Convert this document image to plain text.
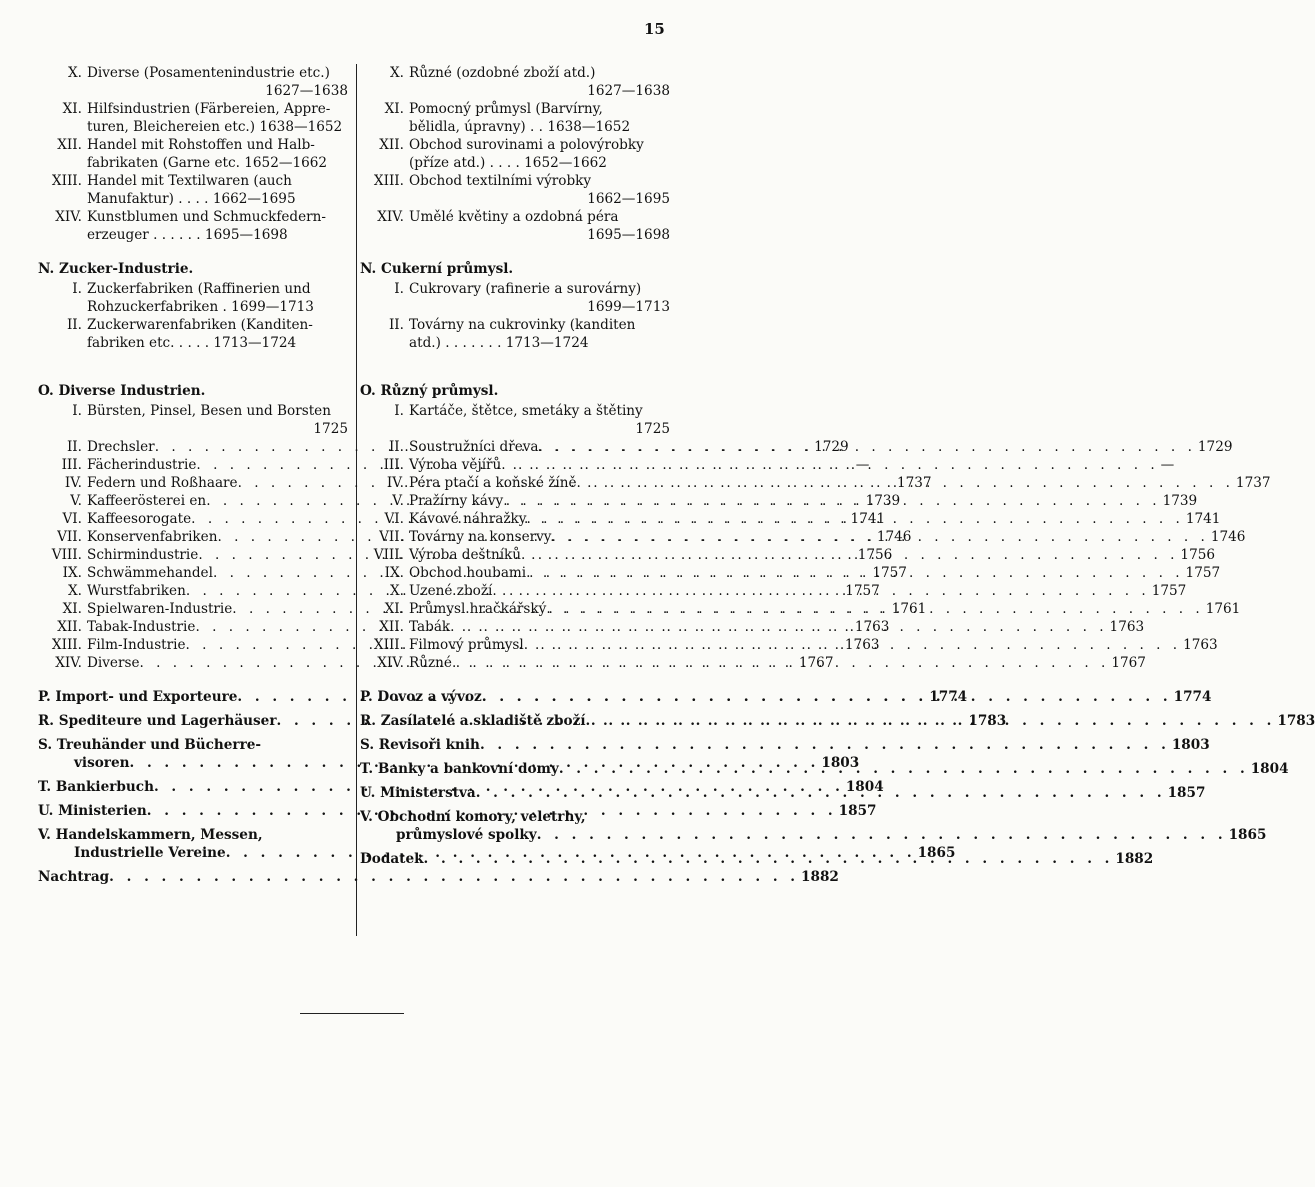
15
X. Diverse (Posamentenindustrie etc.)
1627—1638
XI. Hilfsindustrien (Färbereien, Appre-
turen, Bleichereien etc.) 1638—1652
XII. Handel mit Rohstoffen und Halb-
fabrikaten (Garne etc. 1652—1662
XIII. Handel mit Textilwaren (auch
Manufaktur) . . . . 1662—1695
XIV. Kunstblumen und Schmuckfedern-
erzeuger . . . . . . 1695—1698
N. Zucker-Industrie.
I. Zuckerfabriken (Raffinerien und
Rohzuckerfabriken . 1699—1713
II. Zuckerwarenfabriken (Kanditen-
fabriken etc. . . . . 1713—1724
O. Diverse Industrien.
I. Bürsten, Pinsel, Besen und Borsten
1725
II. Drechsler . . .	1729
III. Fächerindustrie . . .	—
IV. Federn und Roßhaare . . .	1737
V. Kaffeerösterei en . . .	1739
VI. Kaffeesorogate . . .	1741
VII. Konservenfabriken . . .	1746
VIII. Schirmindustrie . . .	1756
IX. Schwämmehandel . . .	1757
X. Wurstfabriken . . .	1757
XI. Spielwaren-Industrie . . .	1761
XII. Tabak-Industrie . . .	1763
XIII. Film-Industrie . . .	1763
XIV. Diverse . . .	1767
P. Import- und Exporteure . . .	1774
R. Spediteure und Lagerhäuser . . .	1783
S. Treuhänder und Bücherre-
visoren . . .	1803
T. Bankierbuch . . .	1804
U. Ministerien . . .	1857
V. Handelskammern, Messen,
Industrielle Vereine . . .	1865
Nachtrag . . .	1882
X. Různé (ozdobné zboží atd.)
1627—1638
XI. Pomocný průmysl (Barvírny,
bělidla, úpravny) . . 1638—1652
XII. Obchod surovinami a polovýrobky
(příze atd.) . . . . 1652—1662
XIII. Obchod textilními výrobky
1662—1695
XIV. Umělé květiny a ozdobná péra
1695—1698
N. Cukerní průmysl.
I. Cukrovary (rafinerie a surovárny)
1699—1713
II. Továrny na cukrovinky (kanditen
atd.) . . . . . . . 1713—1724
O. Různý průmysl.
I. Kartáče, štětce, smetáky a štětiny
1725
II. Soustružníci dřeva . . .	1729
III. Výroba vějířů . . .	—
IV. Péra ptačí a koňské žíně . . .	1737
V. Pražírny kávy . . .	1739
VI. Kávové náhražky . . .	1741
VII. Továrny na konservy . . .	1746
VIII. Výroba deštníků . . .	1756
IX. Obchod houbami . . .	1757
X. Uzené zboží . . .	1757
XI. Průmysl hračkářský . . .	1761
XII. Tabák . . .	1763
XIII. Filmový průmysl . . .	1763
XIV. Různé . . .	1767
P. Dovoz a vývoz . . .	1774
R. Zasílatelé a skladiště zboží . . .	1783
S. Revisoři knih . . .	1803
T. Banky a bankovní domy . . .	1804
U. Ministerstva . . .	1857
V. Obchodní komory, veletrhy,
průmyslové spolky . . .	1865
Dodatek . . .	1882
